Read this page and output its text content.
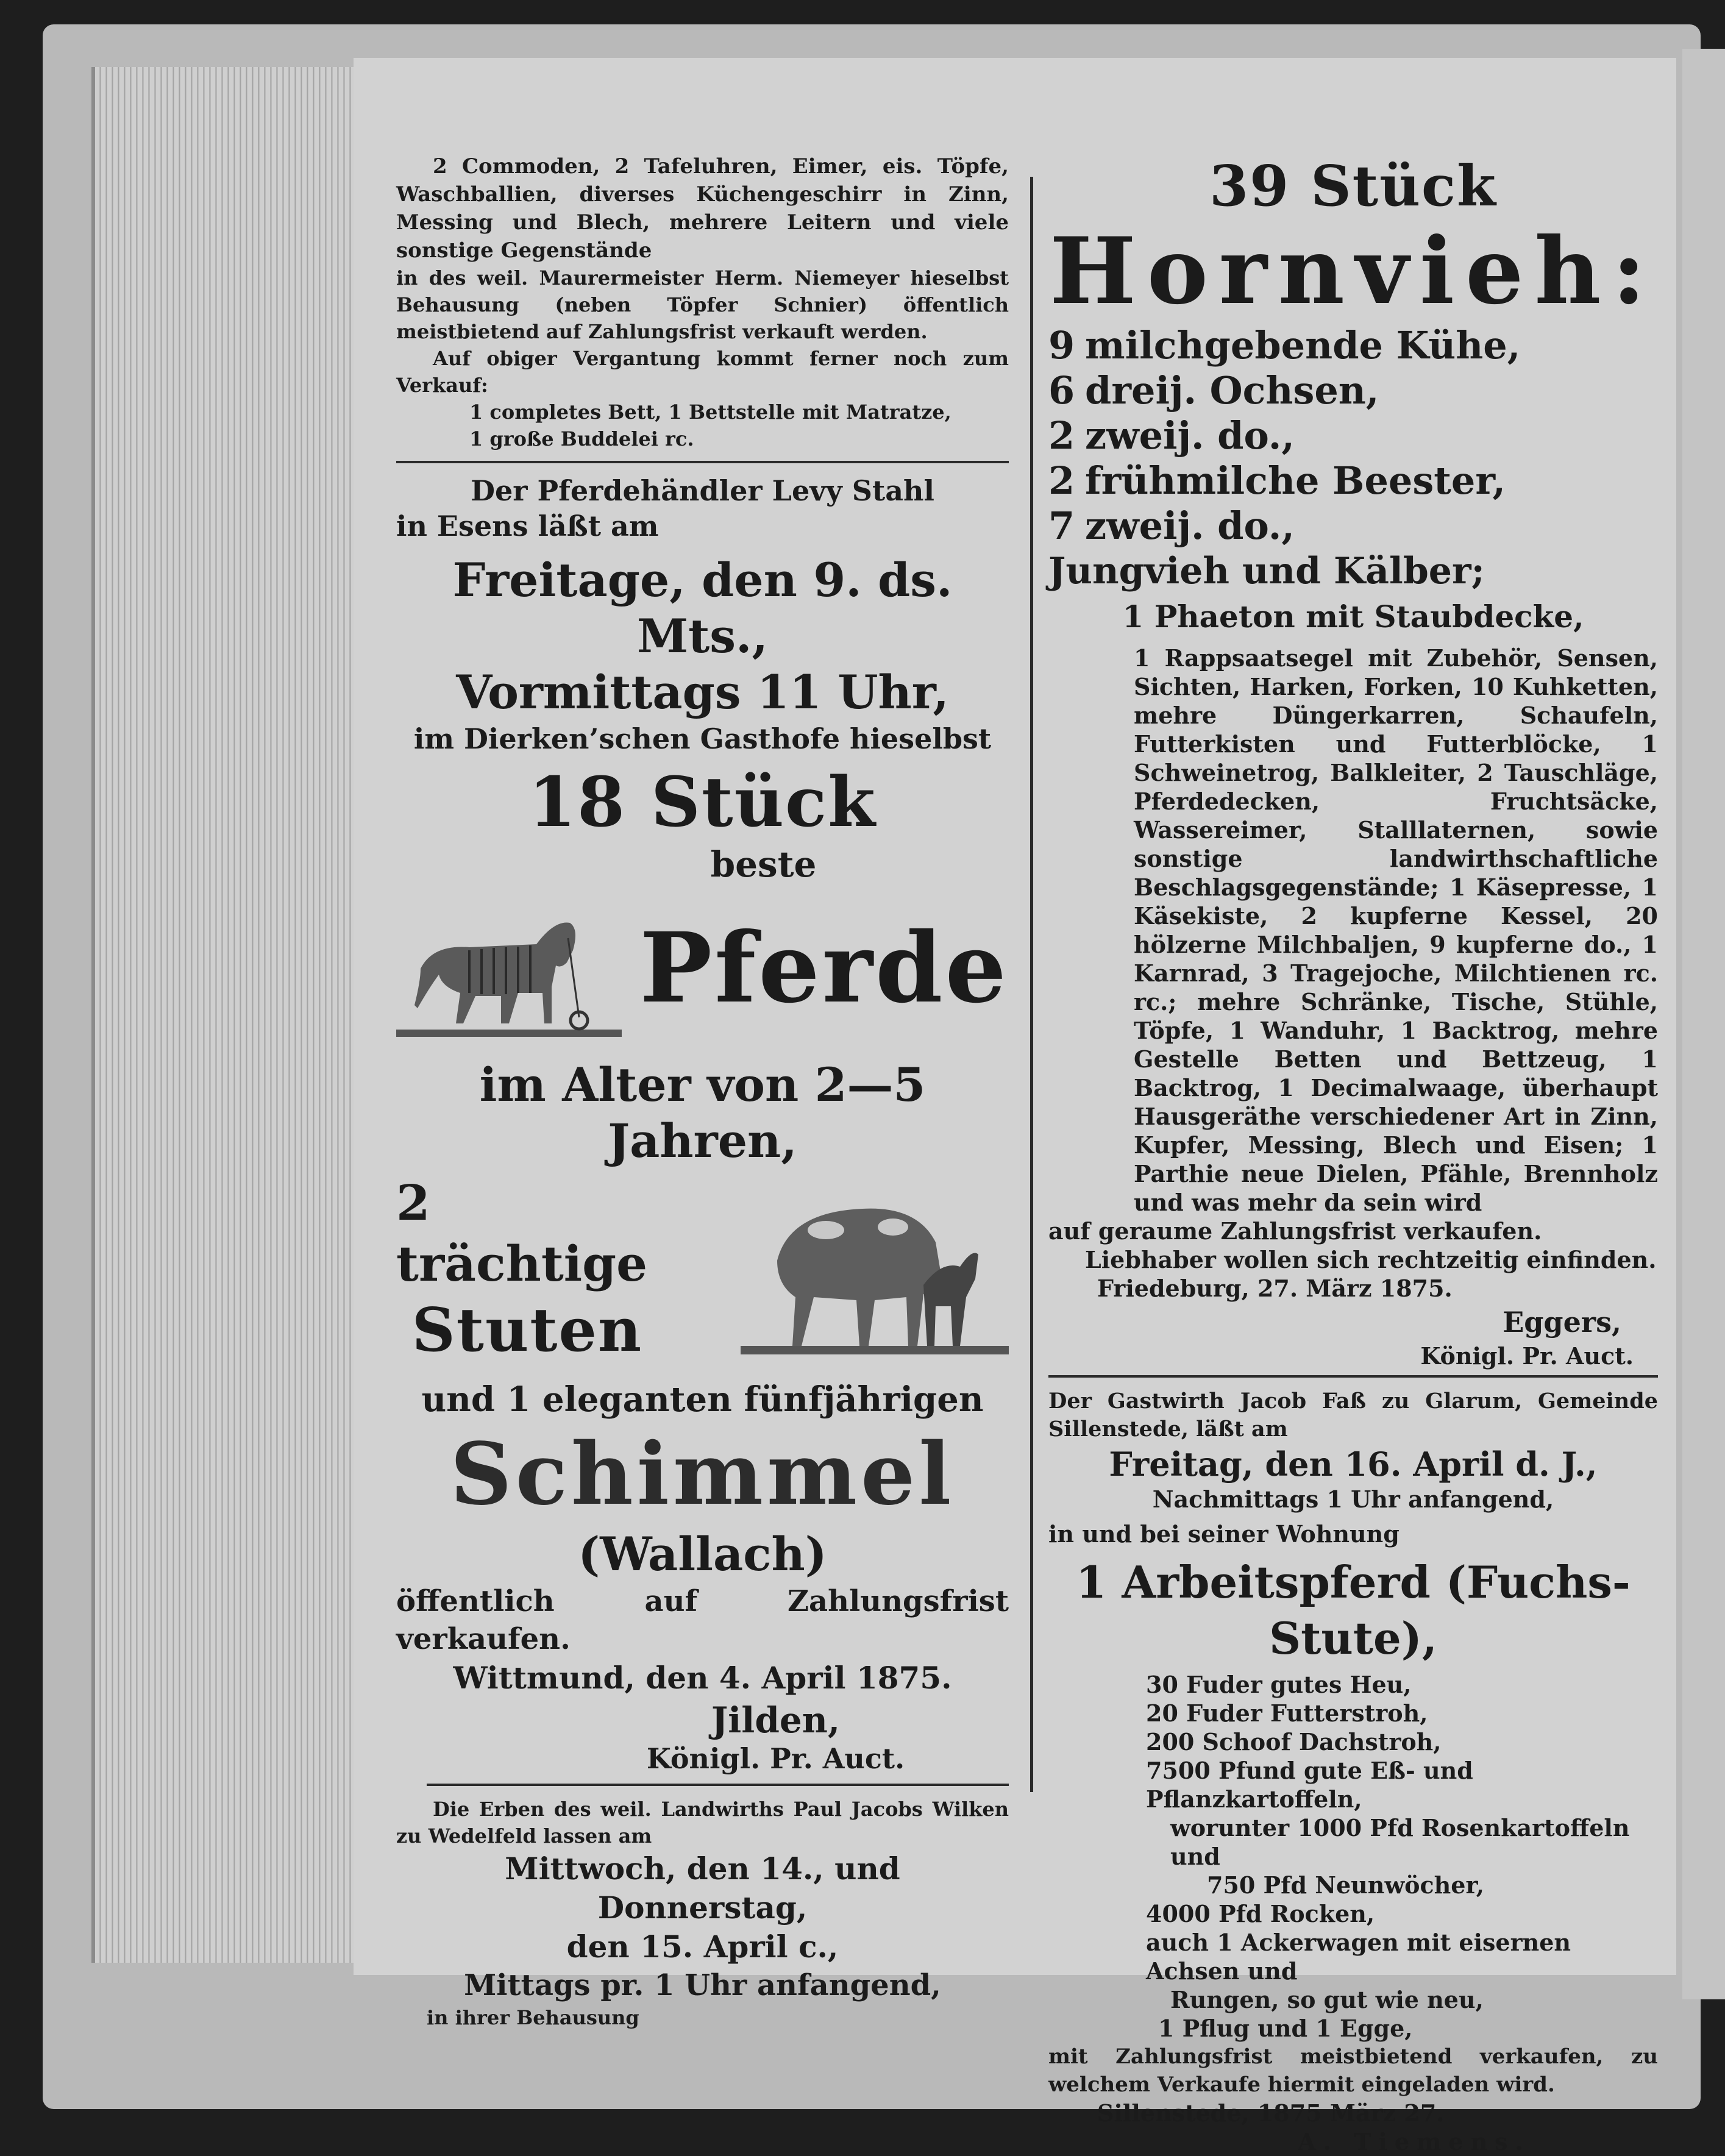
2 Commoden, 2 Tafeluhren, Eimer, eis. Töpfe, Waschballien, diverses Küchengeschirr in Zinn, Messing und Blech, mehrere Leitern und viele sonstige Gegenstände

in des weil. Maurermeister Herm. Niemeyer hieselbst Behausung (neben Töpfer Schnier) öffentlich meistbietend auf Zahlungsfrist verkauft werden.

Auf obiger Vergantung kommt ferner noch zum Verkauf:

1 completes Bett, 1 Bettstelle mit Matratze,

1 große Buddelei rc.

Der Pferdehändler Levy Stahl

in Esens läßt am

Freitage, den 9. ds. Mts.,

Vormittags 11 Uhr,

im Dierken’schen Gasthofe hieselbst

18 Stück

beste

Pferde

im Alter von 2—5 Jahren,

2 trächtige
Stuten

und 1 eleganten fünfjährigen

Schimmel

(Wallach)

öffentlich auf Zahlungsfrist verkaufen.

Wittmund, den 4. April 1875.

Jilden,

Königl. Pr. Auct.

Die Erben des weil. Landwirths Paul Jacobs Wilken zu Wedelfeld lassen am

Mittwoch, den 14., und Donnerstag,

den 15. April c.,

Mittags pr. 1 Uhr anfangend,

in ihrer Behausung

39 Stück

Hornvieh:

9 milchgebende Kühe,
6 dreij. Ochsen,
2 zweij. do.,
2 frühmilche Beester,
7 zweij. do.,

Jungvieh und Kälber;

1 Phaeton mit Staubdecke,

1 Rappsaatsegel mit Zubehör, Sensen, Sichten, Harken, Forken, 10 Kuhketten, mehre Düngerkarren, Schaufeln, Futterkisten und Futterblöcke, 1 Schweinetrog, Balkleiter, 2 Tauschläge, Pferdedecken, Fruchtsäcke, Wassereimer, Stalllaternen, sowie sonstige landwirthschaftliche Beschlagsgegenstände; 1 Käsepresse, 1 Käsekiste, 2 kupferne Kessel, 20 hölzerne Milchbaljen, 9 kupferne do., 1 Karnrad, 3 Tragejoche, Milchtienen rc. rc.; mehre Schränke, Tische, Stühle, Töpfe, 1 Wanduhr, 1 Backtrog, mehre Gestelle Betten und Bettzeug, 1 Backtrog, 1 Decimalwaage, überhaupt Hausgeräthe verschiedener Art in Zinn, Kupfer, Messing, Blech und Eisen; 1 Parthie neue Dielen, Pfähle, Brennholz und was mehr da sein wird

auf geraume Zahlungsfrist verkaufen.

Liebhaber wollen sich rechtzeitig einfinden.

Friedeburg, 27. März 1875.

Eggers,

Königl. Pr. Auct.

Der Gastwirth Jacob Faß zu Glarum, Gemeinde Sillenstede, läßt am

Freitag, den 16. April d. J.,

Nachmittags 1 Uhr anfangend,

in und bei seiner Wohnung

1 Arbeitspferd (Fuchs-Stute),

30 Fuder gutes Heu,
20 Fuder Futterstroh,
200 Schoof Dachstroh,
7500 Pfund gute Eß- und Pflanzkartoffeln,
worunter 1000 Pfd Rosenkartoffeln und
750 Pfd Neunwöcher,
4000 Pfd Rocken,
auch 1 Ackerwagen mit eisernen Achsen und
Rungen, so gut wie neu,
1 Pflug und 1 Egge,

mit Zahlungsfrist meistbietend verkaufen, zu welchem Verkaufe hiermit eingeladen wird.

Sillenstede, 1875 März 27.

A. Tiemens.
